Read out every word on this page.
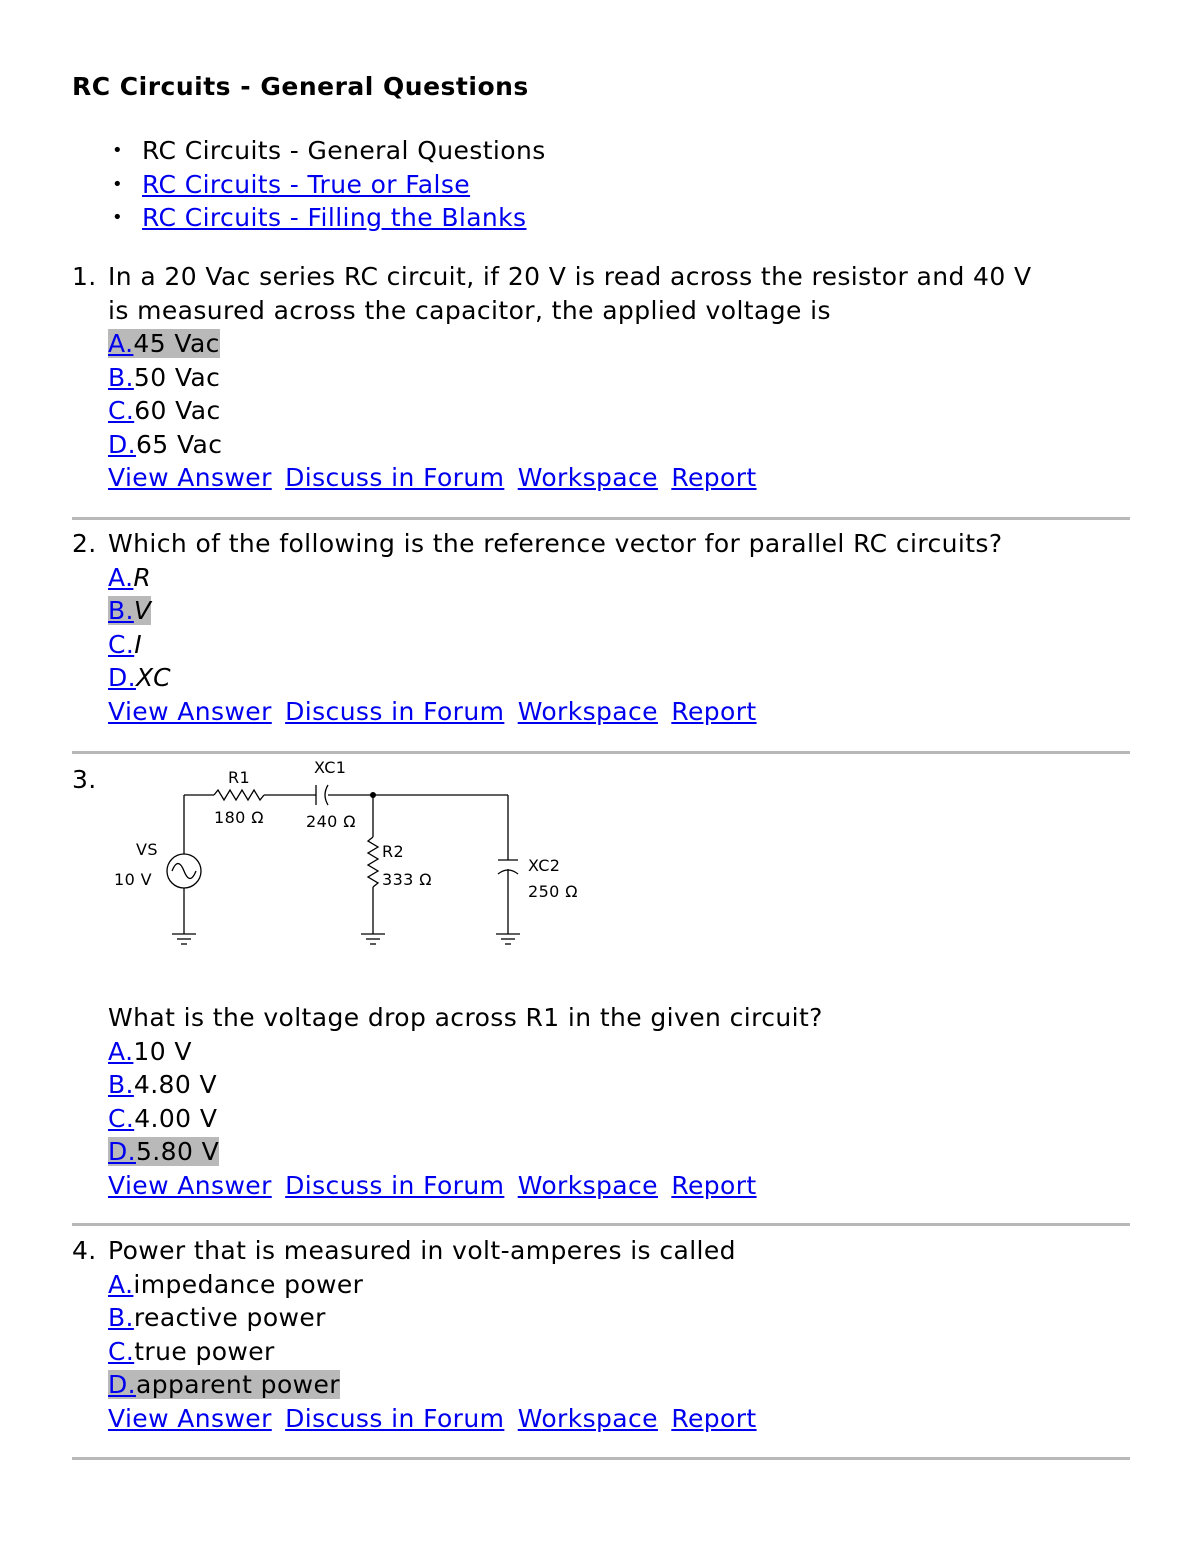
RC Circuits - General Questions
• RC Circuits - General Questions
• RC Circuits - True or False
• RC Circuits - Filling the Blanks
1. In a 20 Vac series RC circuit, if 20 V is read across the resistor and 40 V
is measured across the capacitor, the applied voltage is
A.45 Vac
B.50 Vac
C.60 Vac
D.65 Vac
View Answer Discuss in Forum Workspace Report
2. Which of the following is the reference vector for parallel RC circuits?
A.R
B.V
C.I
D.XC
View Answer Discuss in Forum Workspace Report
3.	R1
180 Ω
XC1
240 Ω
VS
10 V
R2
333 Ω
XC2
250 Ω
What is the voltage drop across R1 in the given circuit?
A.10 V
B.4.80 V
C.4.00 V
D.5.80 V
View Answer Discuss in Forum Workspace Report
4. Power that is measured in volt-amperes is called
A.impedance power
B.reactive power
C.true power
D.apparent power
View Answer Discuss in Forum Workspace Report
